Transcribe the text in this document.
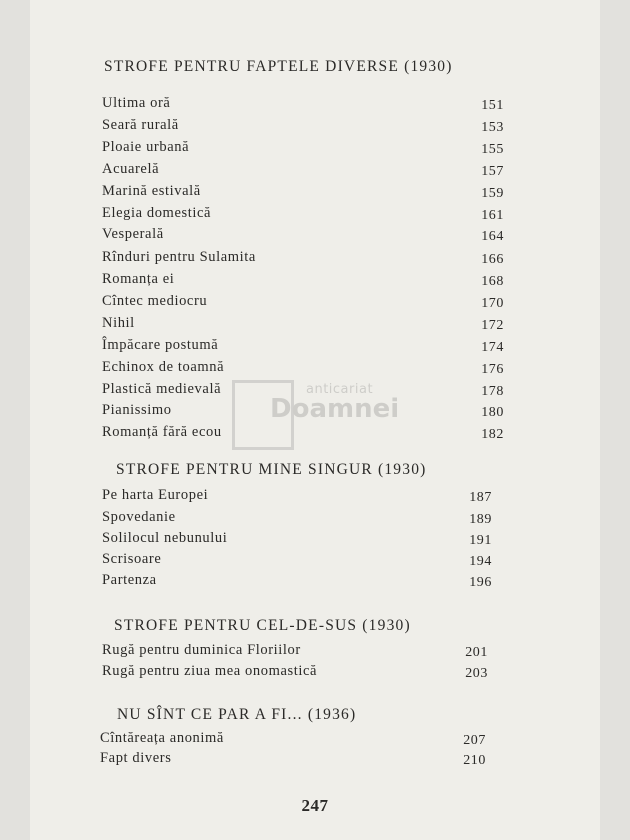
anticariat
Doamnei
STROFE PENTRU FAPTELE DIVERSE (1930)
Ultima oră	151
Seară rurală	153
Ploaie urbană	155
Acuarelă	157
Marină estivală	159
Elegia domestică	161
Vesperală	164
Rînduri pentru Sulamita	166
Romanța ei	168
Cîntec mediocru	170
Nihil	172
Împăcare postumă	174
Echinox de toamnă	176
Plastică medievală	178
Pianissimo	180
Romanță fără ecou	182
STROFE PENTRU MINE SINGUR (1930)
Pe harta Europei	187
Spovedanie	189
Solilocul nebunului	191
Scrisoare	194
Partenza	196
STROFE PENTRU CEL-DE-SUS (1930)
Rugă pentru duminica Floriilor	201
Rugă pentru ziua mea onomastică	203
NU SÎNT CE PAR A FI... (1936)
Cîntăreața anonimă	207
Fapt divers	210
247
